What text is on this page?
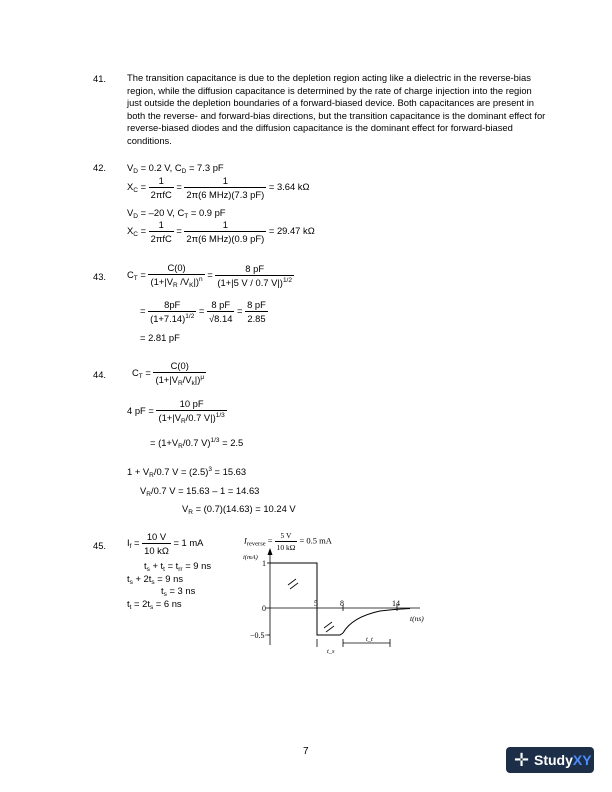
41. The transition capacitance is due to the depletion region acting like a dielectric in the reverse-bias region, while the diffusion capacitance is determined by the rate of charge injection into the region just outside the depletion boundaries of a forward-biased device. Both capacitances are present in both the reverse- and forward-bias directions, but the transition capacitance is the dominant effect for reverse-biased diodes and the diffusion capacitance is the dominant effect for forward-biased conditions.
42. $V_D = 0.2$ V, $C_D = 7.3$ pF
$X_C = \frac{1}{\text{2πfC}} = \frac{1}{\text{2π(6 MHz)(7.3 pF)}} = 3.64$ kΩ
$V_D = -20$ V, $C_T = 0.9$ pF
$X_C = \frac{1}{\text{2πfC}} = \frac{1}{\text{2π(6 MHz)(0.9 pF)}} = 29.47$ kΩ
43. $C_T = \frac{C(0)}{(1+|V_R /V_K|)^n} = \frac{8 pF}{(1+|5 V / 0.7 V|)^{1/2}}$
= $\frac{8pF}{(1+7.14)^{1/2}} = \frac{8 pF}{√8.14} = \frac{8 pF}{2.85}$
= 2.81 pF
44.	$C_T = \frac{C(0)}{(1+|V_R/V_k|)^\mu}$
4 pF = $\frac{10 pF}{(1+|V_R/0.7 V|)^{1/3}}$
= ($1+V_R/0.7$ V)$^{1/3}$ = 2.5
$1 + V_R/0.7$ $V = (2.5)^3 = 15.63$
$V_R/0.7$ V = 15.63 – 1 = 14.63
$V_R = (0.7)(14.63) = 10.24$ V
45. $I_f = \frac{10 V}{10 k\Omega} = 1$ mA
$t_s + t_t = t_{rr} = 9$ ns
$t_s + 2t_s = 9$ ns
$t_s = 3$ ns
$t_t = 2t_s = 6$ ns
$I_{reverse} = \frac{5 V}{10 k\Omega} = 0.5$ mA
i(mA)
1
0
−0.5
5	8	14
t(ns)
t_s
t_t
7	✛ StudyXY
